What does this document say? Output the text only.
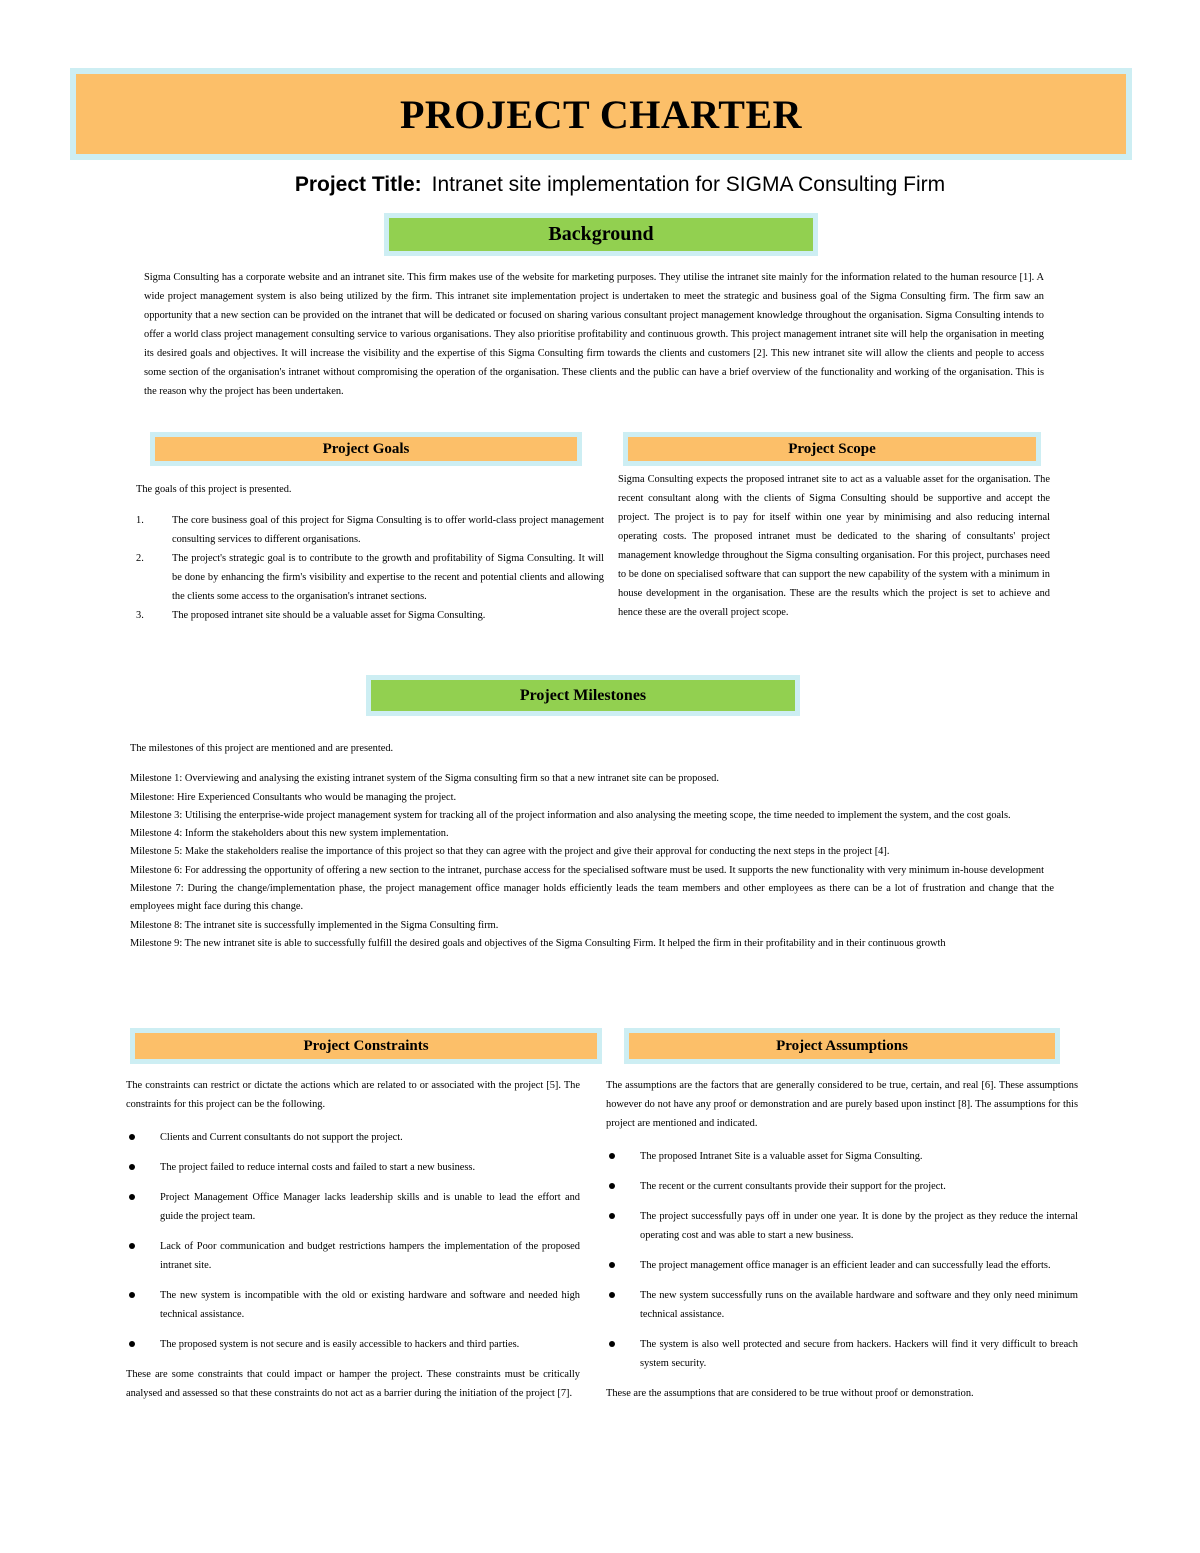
PROJECT CHARTER
Project Title: Intranet site implementation for SIGMA Consulting Firm
Background

Sigma Consulting has a corporate website and an intranet site. This firm makes use of the website for marketing purposes. They utilise the intranet site mainly for the information related to the human resource [1]. A wide project management system is also being utilized by the firm. This intranet site implementation project is undertaken to meet the strategic and business goal of the Sigma Consulting firm. The firm saw an opportunity that a new section can be provided on the intranet that will be dedicated or focused on sharing various consultant project management knowledge throughout the organisation. Sigma Consulting intends to offer a world class project management consulting service to various organisations. They also prioritise profitability and continuous growth. This project management intranet site will help the organisation in meeting its desired goals and objectives. It will increase the visibility and the expertise of this Sigma Consulting firm towards the clients and customers [2]. This new intranet site will allow the clients and people to access some section of the organisation's intranet without compromising the operation of the organisation. These clients and the public can have a brief overview of the functionality and working of the organisation. This is the reason why the project has been undertaken.

Project Goals

The goals of this project is presented.

1.	The core business goal of this project for Sigma Consulting is to offer world-class project management consulting services to different organisations.
2.	The project's strategic goal is to contribute to the growth and profitability of Sigma Consulting. It will be done by enhancing the firm's visibility and expertise to the recent and potential clients and allowing the clients some access to the organisation's intranet sections.
3.	The proposed intranet site should be a valuable asset for Sigma Consulting.
Project Scope

Sigma Consulting expects the proposed intranet site to act as a valuable asset for the organisation. The recent consultant along with the clients of Sigma Consulting should be supportive and accept the project. The project is to pay for itself within one year by minimising and also reducing internal operating costs. The proposed intranet must be dedicated to the sharing of consultants' project management knowledge throughout the Sigma consulting organisation. For this project, purchases need to be done on specialised software that can support the new capability of the system with a minimum in house development in the organisation. These are the results which the project is set to achieve and hence these are the overall project scope.

Project Milestones

The milestones of this project are mentioned and are presented.

Milestone 1: Overviewing and analysing the existing intranet system of the Sigma consulting firm so that a new intranet site can be proposed.

Milestone: Hire Experienced Consultants who would be managing the project.

Milestone 3: Utilising the enterprise-wide project management system for tracking all of the project information and also analysing the meeting scope, the time needed to implement the system, and the cost goals.

Milestone 4: Inform the stakeholders about this new system implementation.

Milestone 5: Make the stakeholders realise the importance of this project so that they can agree with the project and give their approval for conducting the next steps in the project [4].

Milestone 6: For addressing the opportunity of offering a new section to the intranet, purchase access for the specialised software must be used. It supports the new functionality with very minimum in-house development

Milestone 7: During the change/implementation phase, the project management office manager holds efficiently leads the team members and other employees as there can be a lot of frustration and change that the employees might face during this change.

Milestone 8: The intranet site is successfully implemented in the Sigma Consulting firm.

Milestone 9: The new intranet site is able to successfully fulfill the desired goals and objectives of the Sigma Consulting Firm. It helped the firm in their profitability and in their continuous growth

Project Constraints

The constraints can restrict or dictate the actions which are related to or associated with the project [5]. The constraints for this project can be the following.

Clients and Current consultants do not support the project.
The project failed to reduce internal costs and failed to start a new business.
Project Management Office Manager lacks leadership skills and is unable to lead the effort and guide the project team.
Lack of Poor communication and budget restrictions hampers the implementation of the proposed intranet site.
The new system is incompatible with the old or existing hardware and software and needed high technical assistance.
The proposed system is not secure and is easily accessible to hackers and third parties.

These are some constraints that could impact or hamper the project. These constraints must be critically analysed and assessed so that these constraints do not act as a barrier during the initiation of the project [7].

Project Assumptions

The assumptions are the factors that are generally considered to be true, certain, and real [6]. These assumptions however do not have any proof or demonstration and are purely based upon instinct [8]. The assumptions for this project are mentioned and indicated.

The proposed Intranet Site is a valuable asset for Sigma Consulting.
The recent or the current consultants provide their support for the project.
The project successfully pays off in under one year. It is done by the project as they reduce the internal operating cost and was able to start a new business.
The project management office manager is an efficient leader and can successfully lead the efforts.
The new system successfully runs on the available hardware and software and they only need minimum technical assistance.
The system is also well protected and secure from hackers. Hackers will find it very difficult to breach system security.

These are the assumptions that are considered to be true without proof or demonstration.
